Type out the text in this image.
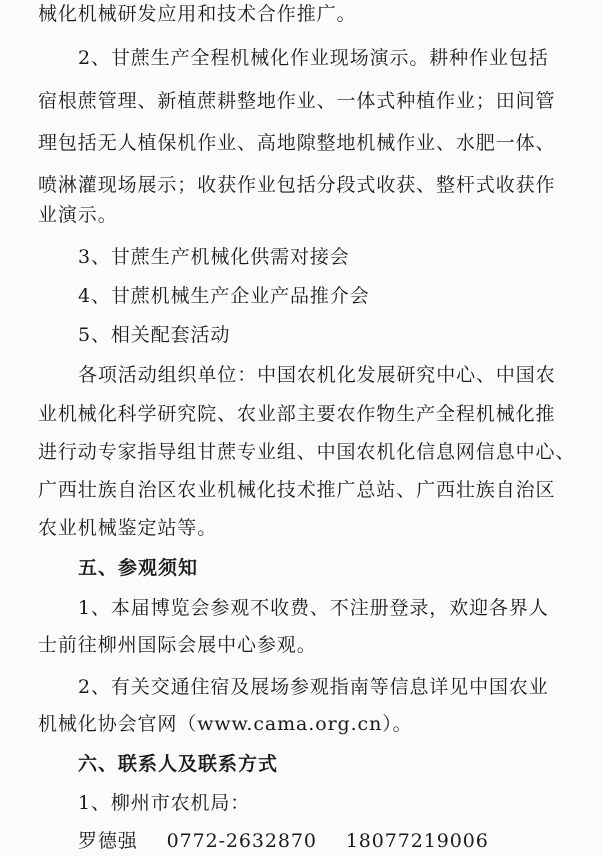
械化机械研发应用和技术合作推广。
2、甘蔗生产全程机械化作业现场演示。耕种作业包括
宿根蔗管理、新植蔗耕整地作业、一体式种植作业；田间管
理包括无人植保机作业、高地隙整地机械作业、水肥一体、
喷淋灌现场展示；收获作业包括分段式收获、整杆式收获作
业演示。
3、甘蔗生产机械化供需对接会
4、甘蔗机械生产企业产品推介会
5、相关配套活动
各项活动组织单位：中国农机化发展研究中心、中国农
业机械化科学研究院、农业部主要农作物生产全程机械化推
进行动专家指导组甘蔗专业组、中国农机化信息网信息中心、
广西壮族自治区农业机械化技术推广总站、广西壮族自治区
农业机械鉴定站等。
五、参观须知
1、本届博览会参观不收费、不注册登录，欢迎各界人
士前往柳州国际会展中心参观。
2、有关交通住宿及展场参观指南等信息详见中国农业
机械化协会官网（www.cama.org.cn）。
六、联系人及联系方式
1、柳州市农机局：
罗德强 0772-2632870 18077219006
